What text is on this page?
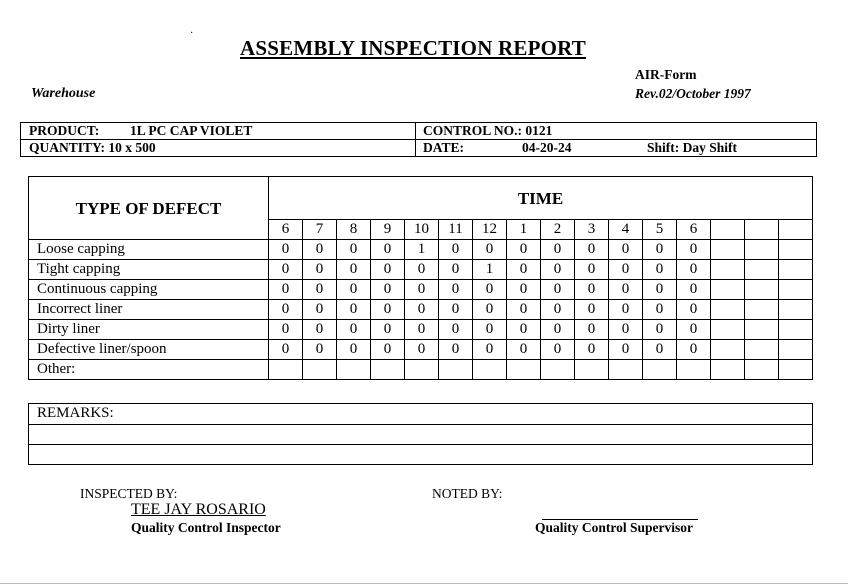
·
ASSEMBLY INSPECTION REPORT
Warehouse
AIR-Form
Rev.02/October 1997
PRODUCT: 1L PC CAP VIOLET	CONTROL NO.: 0121
QUANTITY: 10 x 500	DATE:	04-20-24	Shift: Day Shift
TYPE OF DEFECT	TIME															
	6	7	8	9	10	11	12	1	2	3	4	5	6			
Loose capping	0	0	0	0	1	0	0	0	0	0	0	0	0			
Tight capping	0	0	0	0	0	0	1	0	0	0	0	0	0			
Continuous capping	0	0	0	0	0	0	0	0	0	0	0	0	0			
Incorrect liner	0	0	0	0	0	0	0	0	0	0	0	0	0			
Dirty liner	0	0	0	0	0	0	0	0	0	0	0	0	0			
Defective liner/spoon	0	0	0	0	0	0	0	0	0	0	0	0	0			
Other:																
REMARKS:
INSPECTED BY:
TEE JAY ROSARIO
Quality Control Inspector
NOTED BY:
Quality Control Supervisor
